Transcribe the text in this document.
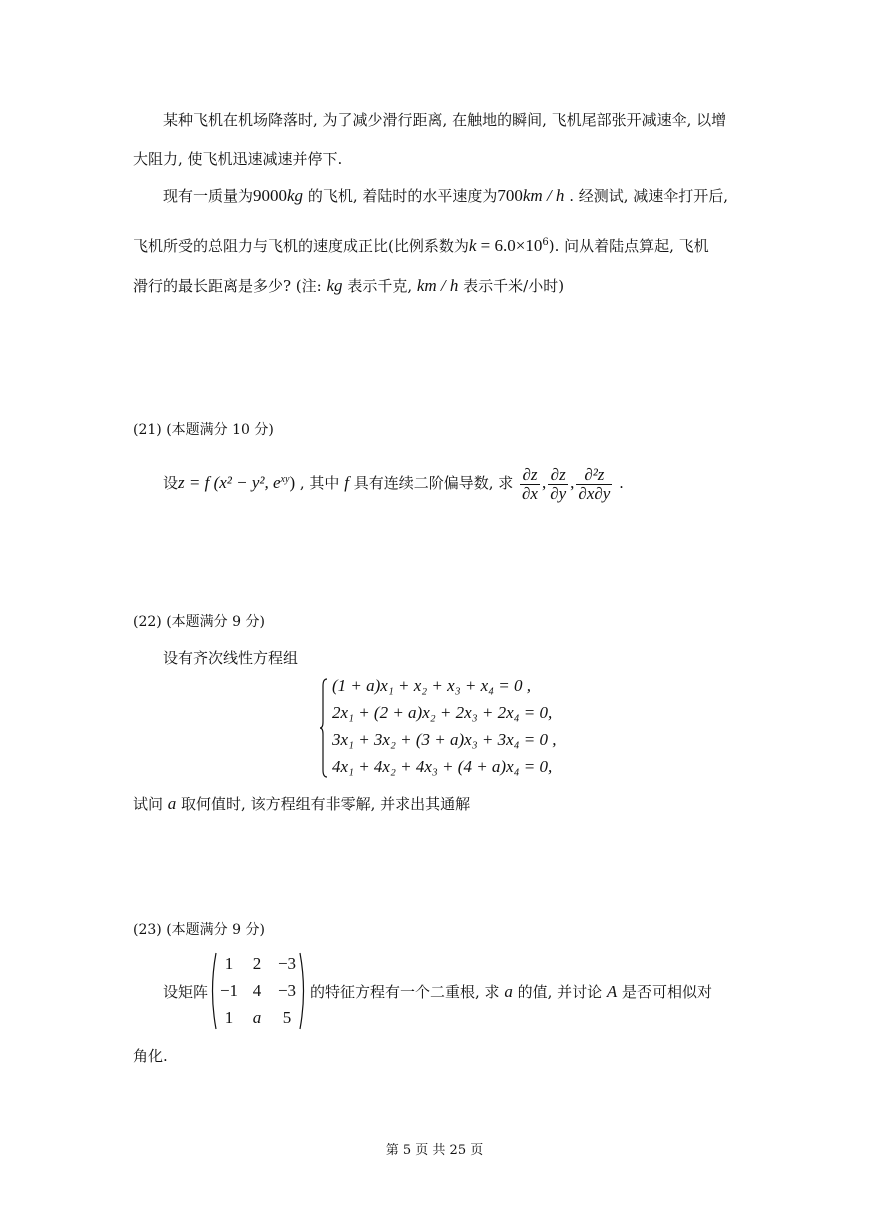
某种飞机在机场降落时, 为了减少滑行距离, 在触地的瞬间, 飞机尾部张开减速伞, 以增
大阻力, 使飞机迅速减速并停下.
现有一质量为9000kg 的飞机, 着陆时的水平速度为700km / h . 经测试, 减速伞打开后,
飞机所受的总阻力与飞机的速度成正比(比例系数为$k = 6.0\times 10^6$). 问从着陆点算起, 飞机
滑行的最长距离是多少? (注: kg 表示千克, km / h 表示千米/小时)
(21) (本题满分 10 分)
设z = f (x² − y², $e^{xy}$) , 其中 f 具有连续二阶偏导数, 求 $\frac{\partial z}{\partial x}$ , $\frac{\partial z}{\partial y}$ , $\frac{\text{∂²z}}{\partial x\partial y}$ .
(22) (本题满分 9 分)
设有齐次线性方程组
(1 + a)x₁ + x₂ + x₃ + x₄ = 0 ,
2x₁ + (2 + a)x₂ + 2x₃ + 2x₄ = 0,
3x₁ + 3x₂ + (3 + a)x₃ + 3x₄ = 0 ,
4x₁ + 4x₂ + 4x₃ + (4 + a)x₄ = 0,
试问 a 取何值时, 该方程组有非零解, 并求出其通解
(23) (本题满分 9 分)
设矩阵
1	2 −3
−1 4 −3
1	a	5
的特征方程有一个二重根, 求 a 的值, 并讨论 A 是否可相似对
角化.
第 5 页 共 25 页
